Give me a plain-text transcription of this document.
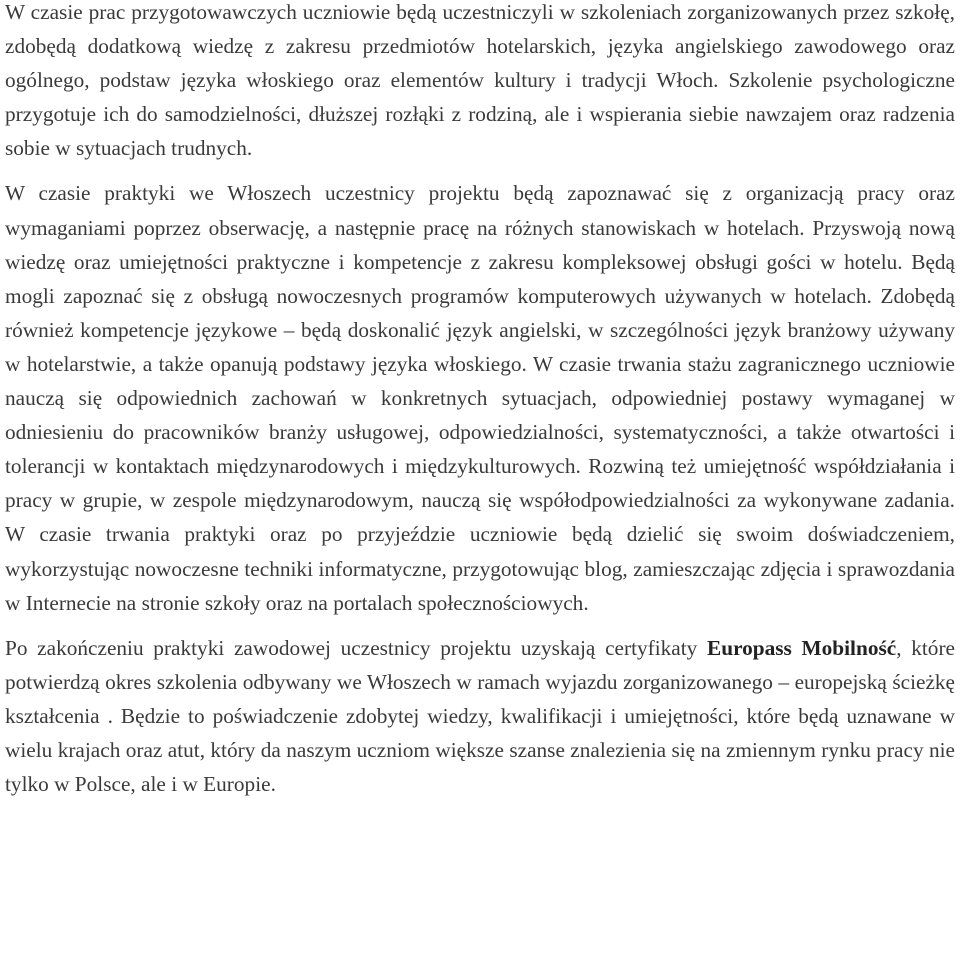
W czasie prac przygotowawczych uczniowie będą uczestniczyli w szkoleniach zorganizowanych przez szkołę, zdobędą dodatkową wiedzę z zakresu przedmiotów hotelarskich, języka angielskiego zawodowego oraz ogólnego, podstaw języka włoskiego oraz elementów kultury i tradycji Włoch. Szkolenie psychologiczne przygotuje ich do samodzielności, dłuższej rozłąki z rodziną, ale i wspierania siebie nawzajem oraz radzenia sobie w sytuacjach trudnych.

W czasie praktyki we Włoszech uczestnicy projektu będą zapoznawać się z organizacją pracy oraz wymaganiami poprzez obserwację, a następnie pracę na różnych stanowiskach w hotelach. Przyswoją nową wiedzę oraz umiejętności praktyczne i kompetencje z zakresu kompleksowej obsługi gości w hotelu. Będą mogli zapoznać się z obsługą nowoczesnych programów komputerowych używanych w hotelach. Zdobędą również kompetencje językowe – będą doskonalić język angielski, w szczególności język branżowy używany w hotelarstwie, a także opanują podstawy języka włoskiego. W czasie trwania stażu zagranicznego uczniowie nauczą się odpowiednich zachowań w konkretnych sytuacjach, odpowiedniej postawy wymaganej w odniesieniu do pracowników branży usługowej, odpowiedzialności, systematyczności, a także otwartości i tolerancji w kontaktach międzynarodowych i międzykulturowych. Rozwiną też umiejętność współdziałania i pracy w grupie, w zespole międzynarodowym, nauczą się współodpowiedzialności za wykonywane zadania. W czasie trwania praktyki oraz po przyjeździe uczniowie będą dzielić się swoim doświadczeniem, wykorzystując nowoczesne techniki informatyczne, przygotowując blog, zamieszczając zdjęcia i sprawozdania w Internecie na stronie szkoły oraz na portalach społecznościowych.

Po zakończeniu praktyki zawodowej uczestnicy projektu uzyskają certyfikaty Europass Mobilność, które potwierdzą okres szkolenia odbywany we Włoszech w ramach wyjazdu zorganizowanego – europejską ścieżkę kształcenia . Będzie to poświadczenie zdobytej wiedzy, kwalifikacji i umiejętności, które będą uznawane w wielu krajach oraz atut, który da naszym uczniom większe szanse znalezienia się na zmiennym rynku pracy nie tylko w Polsce, ale i w Europie.
